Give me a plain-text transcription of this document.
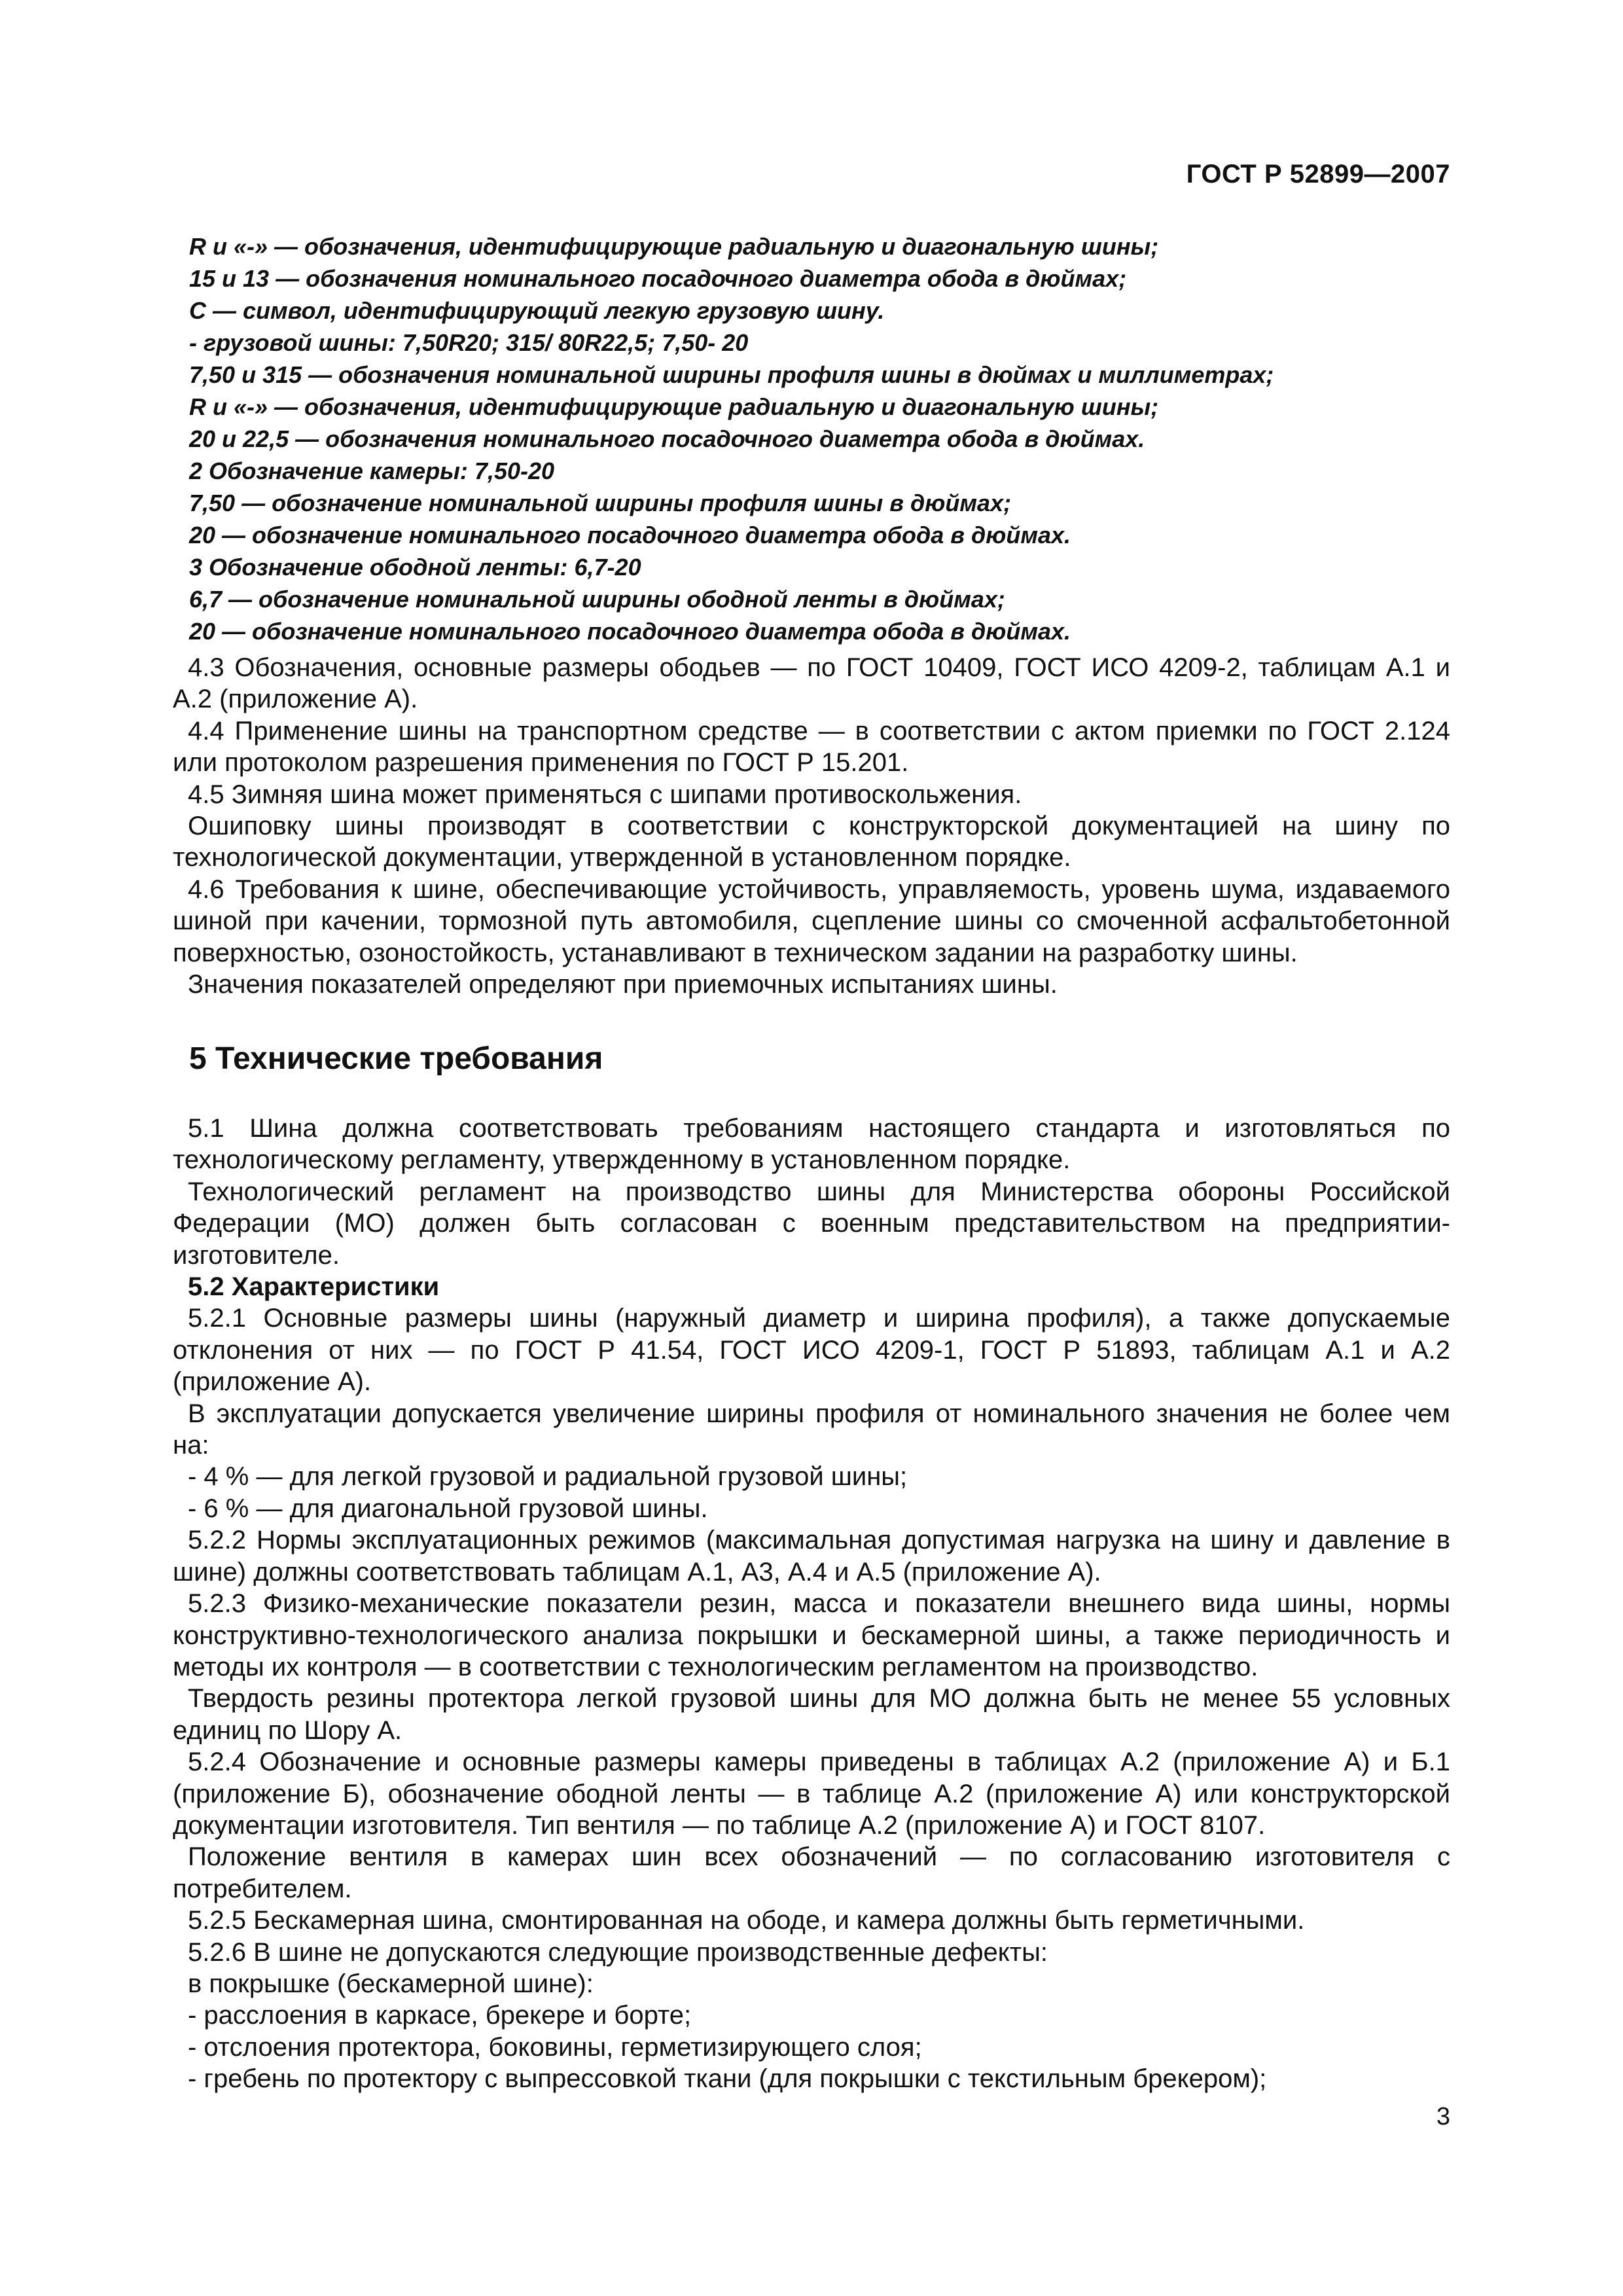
ГОСТ Р 52899—2007
R и «-» — обозначения, идентифицирующие радиальную и диагональную шины;
15 и 13 — обозначения номинального посадочного диаметра обода в дюймах;
С — символ, идентифицирующий легкую грузовую шину.
- грузовой шины: 7,50R20; 315/ 80R22,5; 7,50- 20
7,50 и 315 — обозначения номинальной ширины профиля шины в дюймах и миллиметрах;
R и «-» — обозначения, идентифицирующие радиальную и диагональную шины;
20 и 22,5 — обозначения номинального посадочного диаметра обода в дюймах.
2 Обозначение камеры: 7,50-20
7,50 — обозначение номинальной ширины профиля шины в дюймах;
20 — обозначение номинального посадочного диаметра обода в дюймах.
3 Обозначение ободной ленты: 6,7-20
6,7 — обозначение номинальной ширины ободной ленты в дюймах;
20 — обозначение номинального посадочного диаметра обода в дюймах.
4.3 Обозначения, основные размеры ободьев — по ГОСТ 10409, ГОСТ ИСО 4209-2, таблицам А.1 и А.2 (приложение А).
4.4 Применение шины на транспортном средстве — в соответствии с актом приемки по ГОСТ 2.124 или протоколом разрешения применения по ГОСТ Р 15.201.
4.5 Зимняя шина может применяться с шипами противоскольжения.
Ошиповку шины производят в соответствии с конструкторской документацией на шину по технологической документации, утвержденной в установленном порядке.
4.6 Требования к шине, обеспечивающие устойчивость, управляемость, уровень шума, издаваемого шиной при качении, тормозной путь автомобиля, сцепление шины со смоченной асфальтобетонной поверхностью, озоностойкость, устанавливают в техническом задании на разработку шины.
Значения показателей определяют при приемочных испытаниях шины.
5 Технические требования
5.1 Шина должна соответствовать требованиям настоящего стандарта и изготовляться по технологическому регламенту, утвержденному в установленном порядке.
Технологический регламент на производство шины для Министерства обороны Российской Федерации (МО) должен быть согласован с военным представительством на предприятии-изготовителе.
5.2 Характеристики
5.2.1 Основные размеры шины (наружный диаметр и ширина профиля), а также допускаемые отклонения от них — по ГОСТ Р 41.54, ГОСТ ИСО 4209-1, ГОСТ Р 51893, таблицам А.1 и А.2 (приложение А).
В эксплуатации допускается увеличение ширины профиля от номинального значения не более чем на:
- 4 % — для легкой грузовой и радиальной грузовой шины;
- 6 % — для диагональной грузовой шины.
5.2.2 Нормы эксплуатационных режимов (максимальная допустимая нагрузка на шину и давление в шине) должны соответствовать таблицам А.1, А3, А.4 и А.5 (приложение А).
5.2.3 Физико-механические показатели резин, масса и показатели внешнего вида шины, нормы конструктивно-технологического анализа покрышки и бескамерной шины, а также периодичность и методы их контроля — в соответствии с технологическим регламентом на производство.
Твердость резины протектора легкой грузовой шины для МО должна быть не менее 55 условных единиц по Шору А.
5.2.4 Обозначение и основные размеры камеры приведены в таблицах А.2 (приложение А) и Б.1 (приложение Б), обозначение ободной ленты — в таблице А.2 (приложение А) или конструкторской документации изготовителя. Тип вентиля — по таблице А.2 (приложение А) и ГОСТ 8107.
Положение вентиля в камерах шин всех обозначений — по согласованию изготовителя с потребителем.
5.2.5 Бескамерная шина, смонтированная на ободе, и камера должны быть герметичными.
5.2.6 В шине не допускаются следующие производственные дефекты:
в покрышке (бескамерной шине):
- расслоения в каркасе, брекере и борте;
- отслоения протектора, боковины, герметизирующего слоя;
- гребень по протектору с выпрессовкой ткани (для покрышки с текстильным брекером);
3
